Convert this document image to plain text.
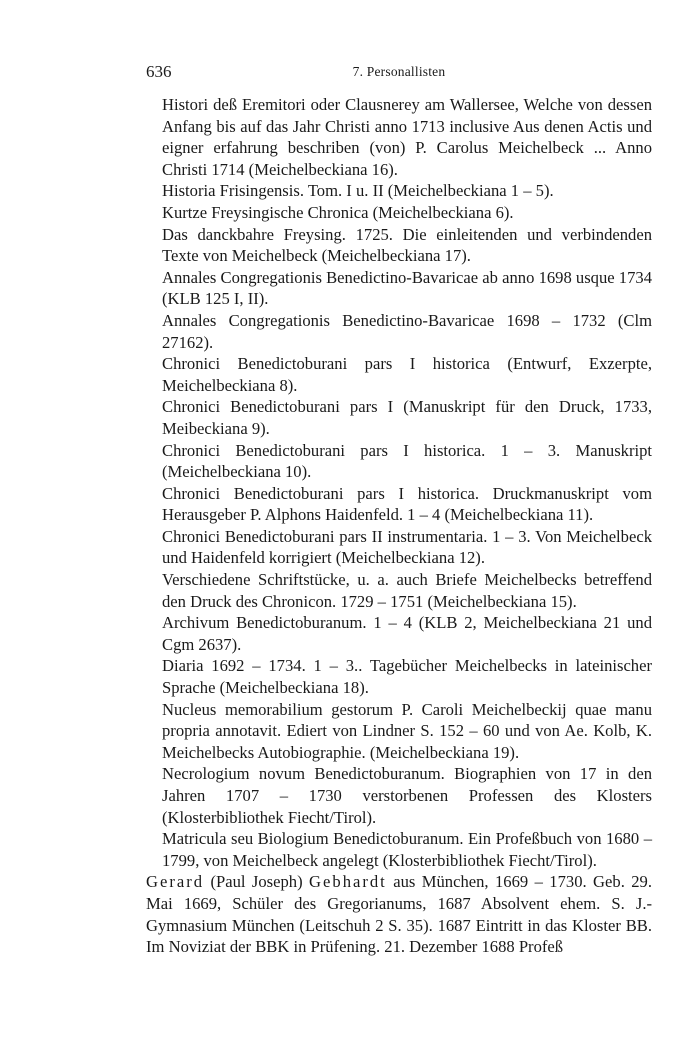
636	7. Personallisten

Histori deß Eremitori oder Clausnerey am Wallersee, Welche von dessen Anfang bis auf das Jahr Christi anno 1713 inclusive Aus denen Actis und eigner erfahrung beschriben (von) P. Carolus Meichelbeck ... Anno Christi 1714 (Meichelbeckiana 16).

Historia Frisingensis. Tom. I u. II (Meichelbeckiana 1 – 5).

Kurtze Freysingische Chronica (Meichelbeckiana 6).

Das danckbahre Freysing. 1725. Die einleitenden und verbindenden Texte von Meichelbeck (Meichelbeckiana 17).

Annales Congregationis Benedictino-Bavaricae ab anno 1698 usque 1734 (KLB 125 I, II).

Annales Congregationis Benedictino-Bavaricae 1698 – 1732 (Clm 27162).

Chronici Benedictoburani pars I historica (Entwurf, Exzerpte, Meichelbeckiana 8).

Chronici Benedictoburani pars I (Manuskript für den Druck, 1733, Meibeckiana 9).

Chronici Benedictoburani pars I historica. 1 – 3. Manuskript (Meichelbeckiana 10).

Chronici Benedictoburani pars I historica. Druckmanuskript vom Herausgeber P. Alphons Haidenfeld. 1 – 4 (Meichelbeckiana 11).

Chronici Benedictoburani pars II instrumentaria. 1 – 3. Von Meichelbeck und Haidenfeld korrigiert (Meichelbeckiana 12).

Verschiedene Schriftstücke, u. a. auch Briefe Meichelbecks betreffend den Druck des Chronicon. 1729 – 1751 (Meichelbeckiana 15).

Archivum Benedictoburanum. 1 – 4 (KLB 2, Meichelbeckiana 21 und Cgm 2637).

Diaria 1692 – 1734. 1 – 3.. Tagebücher Meichelbecks in lateinischer Sprache (Meichelbeckiana 18).

Nucleus memorabilium gestorum P. Caroli Meichelbeckij quae manu propria annotavit. Ediert von Lindner S. 152 – 60 und von Ae. Kolb, K. Meichelbecks Autobiographie. (Meichelbeckiana 19).

Necrologium novum Benedictoburanum. Biographien von 17 in den Jahren 1707 – 1730 verstorbenen Professen des Klosters (Klosterbibliothek Fiecht/Tirol).

Matricula seu Biologium Benedictoburanum. Ein Profeßbuch von 1680 – 1799, von Meichelbeck angelegt (Klosterbibliothek Fiecht/Tirol).

Gerard (Paul Joseph) Gebhardt aus München, 1669 – 1730. Geb. 29. Mai 1669, Schüler des Gregorianums, 1687 Absolvent ehem. S. J.-Gymnasium München (Leitschuh 2 S. 35). 1687 Eintritt in das Kloster BB. Im Noviziat der BBK in Prüfening. 21. Dezember 1688 Profeß
